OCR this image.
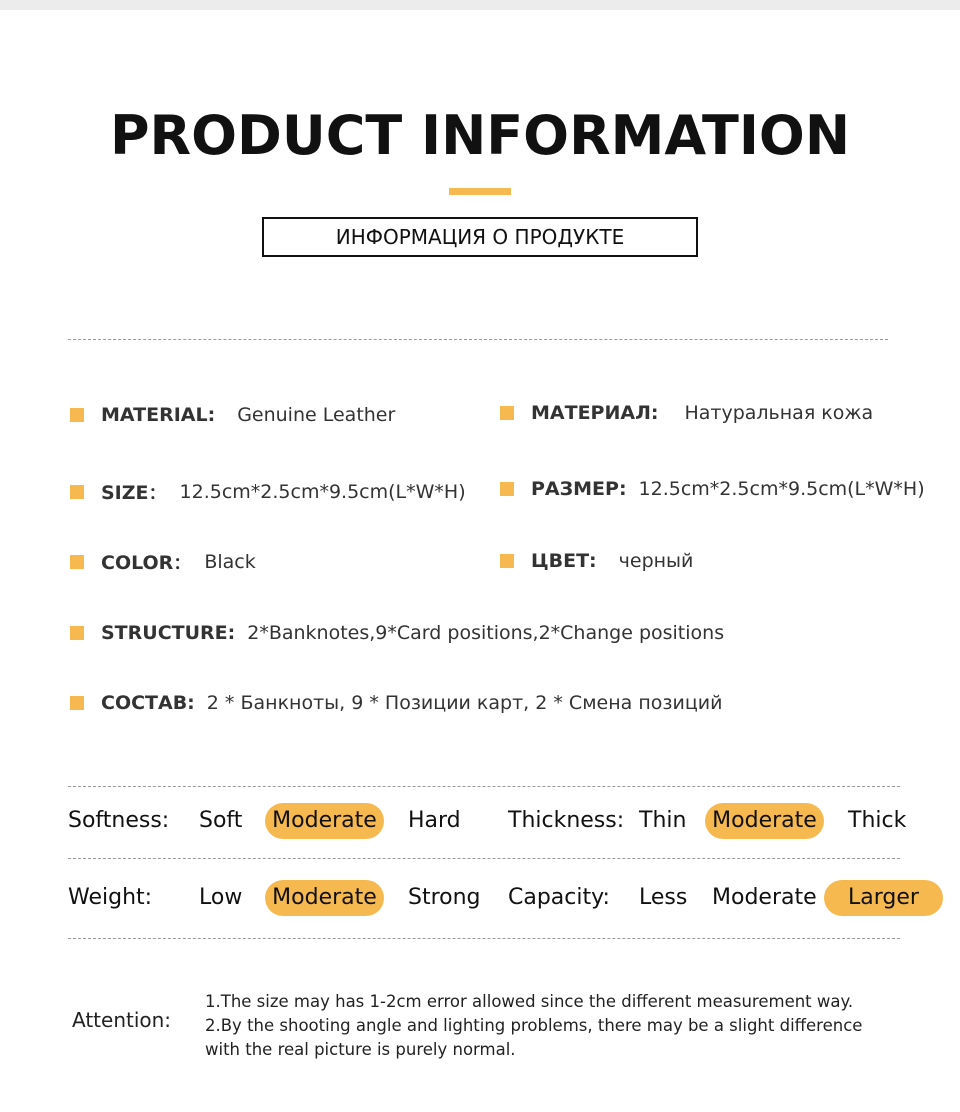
PRODUCT INFORMATION
ИНФОРМАЦИЯ О ПРОДУКТЕ
MATERIAL: Genuine Leather	МАТЕРИАЛ: Натуральная кожа
SIZE： 12.5cm*2.5cm*9.5cm(L*W*H)	РАЗМЕР: 12.5cm*2.5cm*9.5cm(L*W*H)
COLOR： Black	ЦВЕТ: черный
STRUCTURE: 2*Banknotes,9*Card positions,2*Change positions
СОСТАВ: 2 * Банкноты, 9 * Позиции карт, 2 * Смена позиций
Softness: Soft	Moderate	Hard Thickness: Thin	Moderate	Thick
Weight: Low	Moderate	Strong Capacity: Less Moderate	Larger
Attention:
1.The size may has 1-2cm error allowed since the different measurement way.
2.By the shooting angle and lighting problems, there may be a slight difference
with the real picture is purely normal.
